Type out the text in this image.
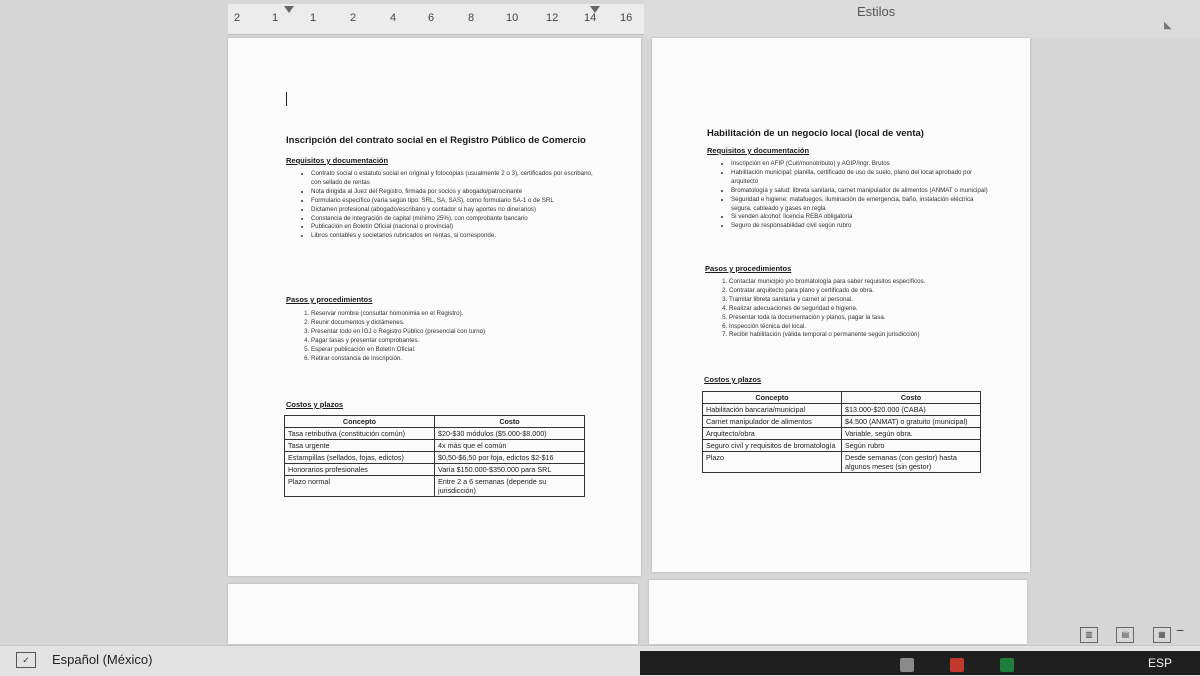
2	1	1	2	4	6	8	10	12 14 16	Estilos
◣
Inscripción del contrato social en el Registro Público de Comercio
Requisitos y documentación
• Contrato social o estatuto social en original y fotocopias (usualmente 2 o 3), certificados por escribano, con sellado de rentas
• Nota dirigida al Juez del Registro, firmada por socios y abogado/patrocinante
• Formulario específico (varía según tipo: SRL, SA, SAS), como formulario SA-1 o de SRL
• Dictamen profesional (abogado/escribano y contador si hay aportes no dinerarios)
• Constancia de integración de capital (mínimo 25%), con comprobante bancario
• Publicación en Boletín Oficial (nacional o provincial)
• Libros contables y societarios rubricados en rentas, si corresponde.
Pasos y procedimientos
1. Reservar nombre (consultar homonimia en el Registro).
2. Reunir documentos y dictámenes.
3. Presentar todo en IGJ o Registro Público (presencial con turno)
4. Pagar tasas y presentar comprobantes.
5. Esperar publicación en Boletín Oficial.
6. Retirar constancia de inscripción.
Costos y plazos
Concepto	Costo
Tasa retributiva (constitución común)	$20-$30 módulos ($5.000-$8.000)
Tasa urgente	4x más que el común
Estampillas (sellados, fojas, edictos)	$0,50-$6,50 por foja, edictos $2-$16
Honorarios profesionales	Varía $150.000-$350.000 para SRL
Plazo normal	Entre 2 a 6 semanas (depende su jurisdicción)
Habilitación de un negocio local (local de venta)
Requisitos y documentación
• Inscripción en AFIP (Cuit/monotributo) y AGIP/Ingr. Brutos
• Habilitación municipal: planilla, certificado de uso de suelo, plano del local aprobado por arquitecto
• Bromatología y salud: libreta sanitaria, carnet manipulador de alimentos (ANMAT o municipal)
• Seguridad e higiene: matafuegos, iluminación de emergencia, baño, instalación eléctrica segura, cableado y gases en regla
• Si venden alcohol: licencia REBA obligatoria
• Seguro de responsabilidad civil según rubro
Pasos y procedimientos
1. Contactar municipio y/o bromatología para saber requisitos específicos.
2. Contratar arquitecto para plano y certificado de obra.
3. Tramitar libreta sanitaria y carnet al personal.
4. Realizar adecuaciones de seguridad e higiene.
5. Presentar toda la documentación y planos, pagar la tasa.
6. Inspección técnica del local.
7. Recibir habilitación (válida temporal o permanente según jurisdicción)
Costos y plazos
Concepto	Costo
Habilitación bancaria/municipal	$13.000-$20.000 (CABA)
Carnet manipulador de alimentos	$4.500 (ANMAT) o gratuito (municipal)
Arquitecto/obra	Variable, según obra.
Seguro civil y requisitos de bromatología	Según rubro
Plazo	Desde semanas (con gestor) hasta algunos meses (sin gestor)
▥	▤	▦ −
✓	Español (México)	ESP
